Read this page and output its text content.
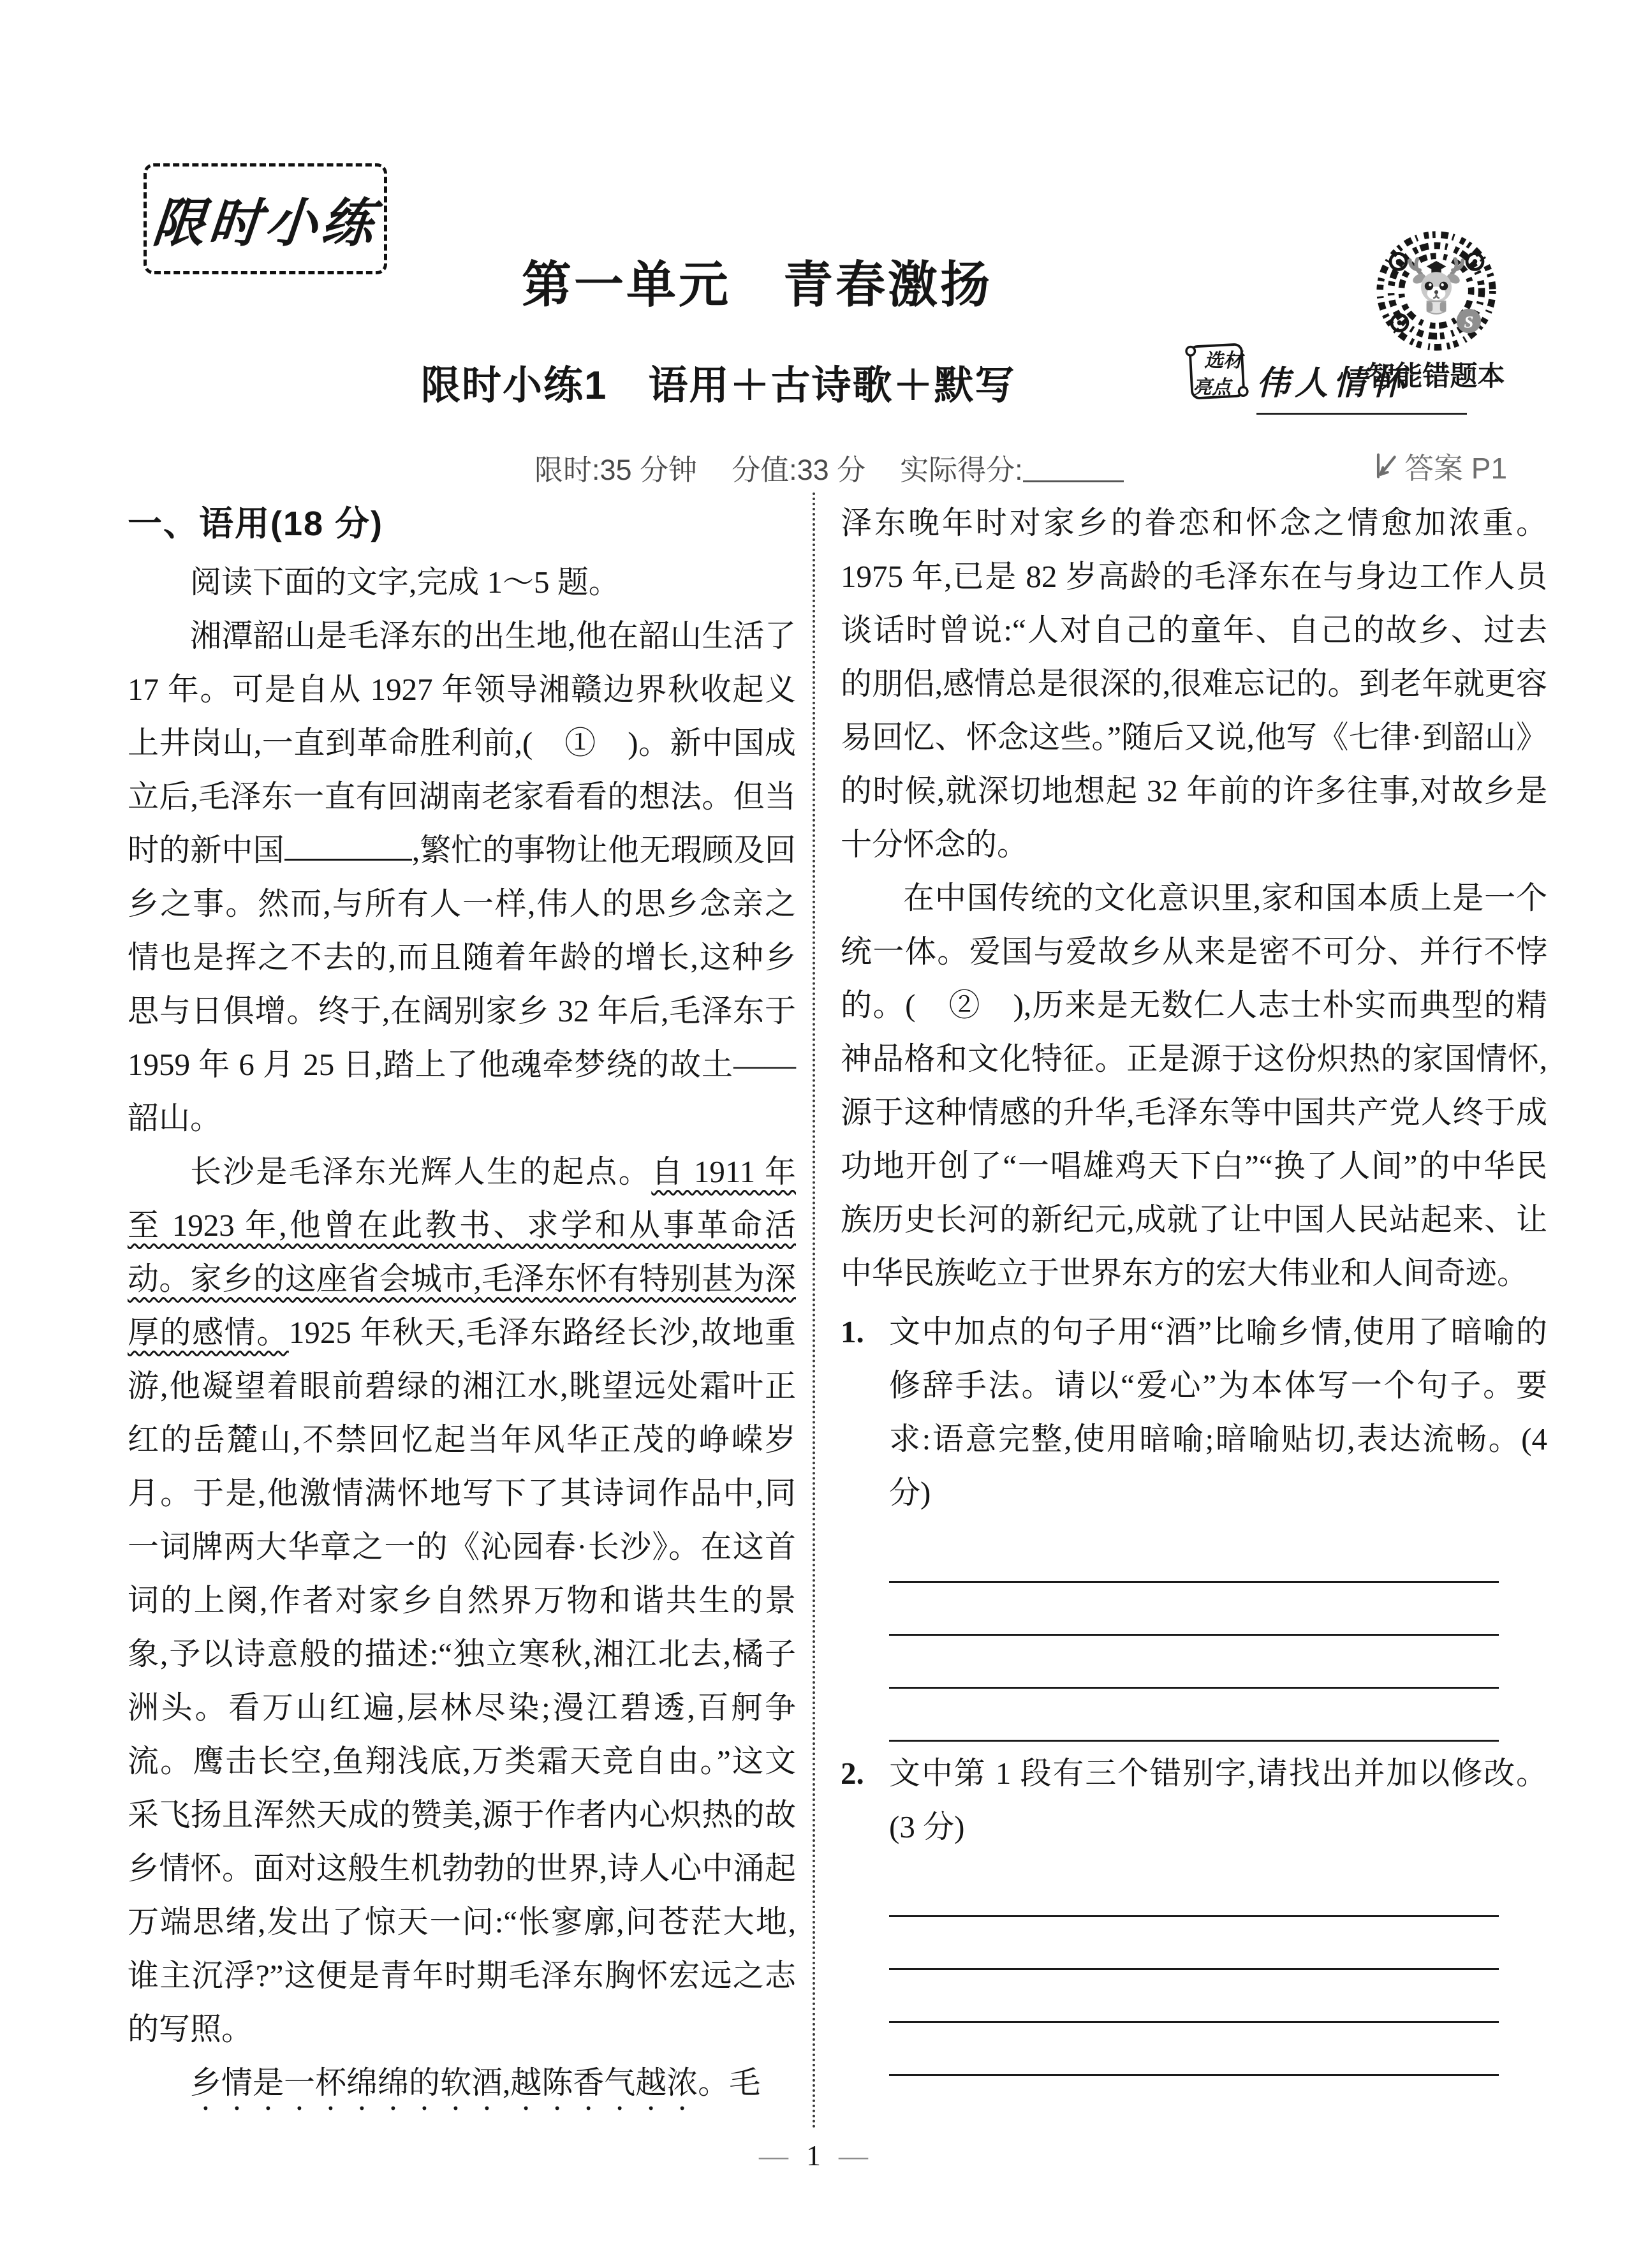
限时小练
第一单元　青春激扬
限时小练1　语用＋古诗歌＋默写
S
智能错题本
选材
亮点 伟人情怀
限时:35 分钟 分值:33 分 实际得分:	答案 P1
一、语用(18 分)

阅读下面的文字,完成 1～5 题。

湘潭韶山是毛泽东的出生地,他在韶山生活了 17 年。可是自从 1927 年领导湘赣边界秋收起义上井岗山,一直到革命胜利前,(　①　)。新中国成立后,毛泽东一直有回湖南老家看看的想法。但当时的新中国	,繁忙的事物让他无瑕顾及回乡之事。然而,与所有人一样,伟人的思乡念亲之情也是挥之不去的,而且随着年龄的增长,这种乡思与日俱增。终于,在阔别家乡 32 年后,毛泽东于 1959 年 6 月 25 日,踏上了他魂牵梦绕的故土——韶山。

长沙是毛泽东光辉人生的起点。自 1911 年至 1923 年,他曾在此教书、求学和从事革命活动。家乡的这座省会城市,毛泽东怀有特别甚为深厚的感情。1925 年秋天,毛泽东路经长沙,故地重游,他凝望着眼前碧绿的湘江水,眺望远处霜叶正红的岳麓山,不禁回忆起当年风华正茂的峥嵘岁月。于是,他激情满怀地写下了其诗词作品中,同一词牌两大华章之一的《沁园春·长沙》。在这首词的上阕,作者对家乡自然界万物和谐共生的景象,予以诗意般的描述:“独立寒秋,湘江北去,橘子洲头。看万山红遍,层林尽染;漫江碧透,百舸争流。鹰击长空,鱼翔浅底,万类霜天竞自由。”这文采飞扬且浑然天成的赞美,源于作者内心炽热的故乡情怀。面对这般生机勃勃的世界,诗人心中涌起万端思绪,发出了惊天一问:“怅寥廓,问苍茫大地,谁主沉浮?”这便是青年时期毛泽东胸怀宏远之志的写照。

乡情是一杯绵绵的软酒,越陈香气越浓。毛

泽东晚年时对家乡的眷恋和怀念之情愈加浓重。1975 年,已是 82 岁高龄的毛泽东在与身边工作人员谈话时曾说:“人对自己的童年、自己的故乡、过去的朋侣,感情总是很深的,很难忘记的。到老年就更容易回忆、怀念这些。”随后又说,他写《七律·到韶山》的时候,就深切地想起 32 年前的许多往事,对故乡是十分怀念的。

在中国传统的文化意识里,家和国本质上是一个统一体。爱国与爱故乡从来是密不可分、并行不悖的。(　②　),历来是无数仁人志士朴实而典型的精神品格和文化特征。正是源于这份炽热的家国情怀,源于这种情感的升华,毛泽东等中国共产党人终于成功地开创了“一唱雄鸡天下白”“换了人间”的中华民族历史长河的新纪元,成就了让中国人民站起来、让中华民族屹立于世界东方的宏大伟业和人间奇迹。

1. 文中加点的句子用“酒”比喻乡情,使用了暗喻的修辞手法。请以“爱心”为本体写一个句子。要求:语意完整,使用暗喻;暗喻贴切,表达流畅。(4 分)
2. 文中第 1 段有三个错别字,请找出并加以修改。(3 分)
— 1 —
